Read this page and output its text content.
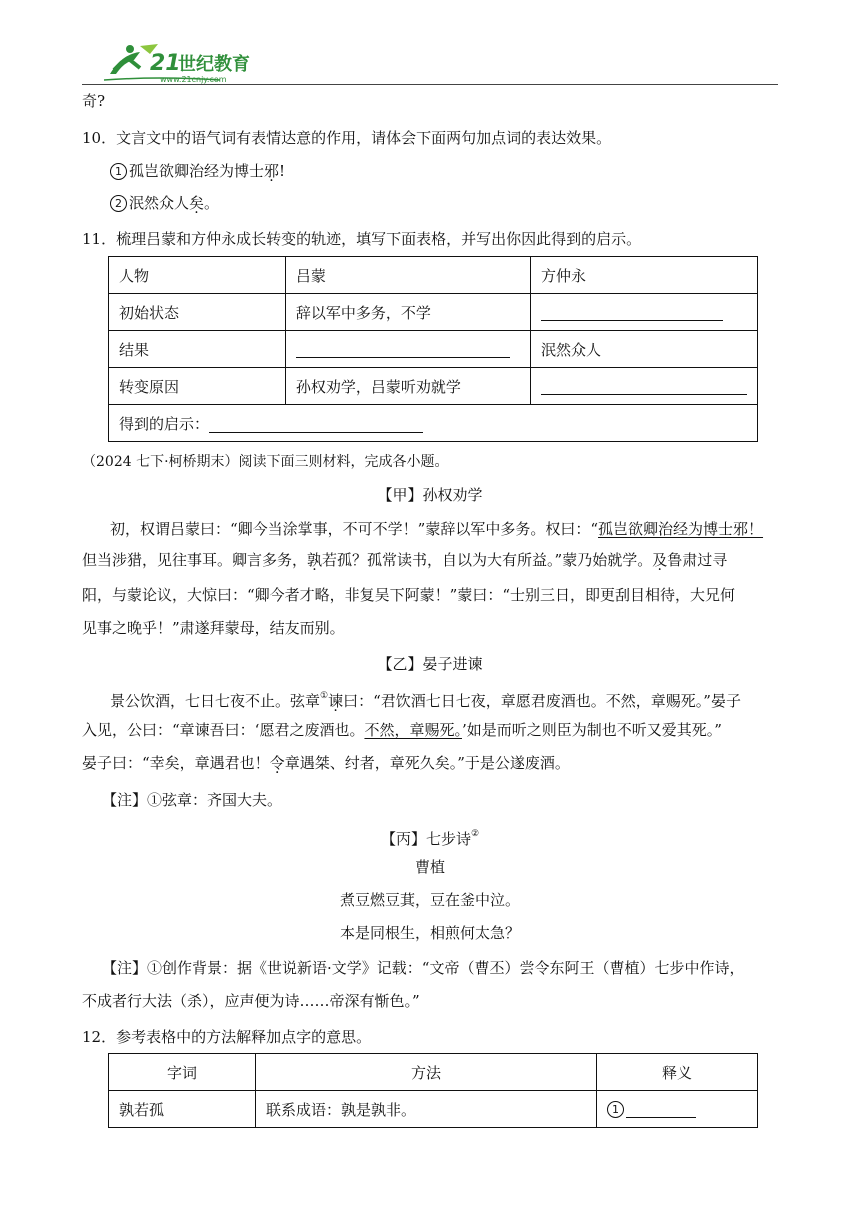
21
世纪教育
www.21cnjy.com
奇?
10．文言文中的语气词有表情达意的作用，请体会下面两句加点词的表达效果。
1 孤岂欲卿治经为博士邪!
2 泯然众人矣。
11．梳理吕蒙和方仲永成长转变的轨迹，填写下面表格，并写出你因此得到的启示。
人物	吕蒙	方仲永
初始状态	辞以军中多务，不学	
结果		泯然众人
转变原因	孙权劝学，吕蒙听劝就学	
得到的启示：		
（2024 七下·柯桥期末）阅读下面三则材料，完成各小题。
【甲】孙权劝学
初，权谓吕蒙曰：“卿今当涂掌事，不可不学！”蒙辞以军中多务。权曰：“孤岂欲卿治经为博士邪！
但当涉猎，见往事耳。卿言多务，孰若孤？孤常读书，自以为大有所益。”蒙乃始就学。及鲁肃过寻
阳，与蒙论议，大惊曰：“卿今者才略，非复吴下阿蒙！”蒙曰：“士别三日，即更刮目相待，大兄何
见事之晚乎！”肃遂拜蒙母，结友而别。
【乙】晏子进谏
景公饮酒，七日七夜不止。弦章①谏曰：“君饮酒七日七夜，章愿君废酒也。不然，章赐死。”晏子
入见，公曰：“章谏吾曰：‘愿君之废酒也。不然，章赐死。’如是而听之则臣为制也不听又爱其死。”
晏子曰：“幸矣，章遇君也！令章遇桀、纣者，章死久矣。”于是公遂废酒。
【注】①弦章：齐国大夫。
【丙】七步诗②
曹植
煮豆燃豆萁，豆在釜中泣。
本是同根生，相煎何太急？
【注】①创作背景：据《世说新语·文学》记载：“文帝（曹丕）尝令东阿王（曹植）七步中作诗，
不成者行大法（杀），应声便为诗……帝深有惭色。”
12．参考表格中的方法解释加点字的意思。
字词	方法	释义
孰若孤	联系成语：孰是孰非。	1
